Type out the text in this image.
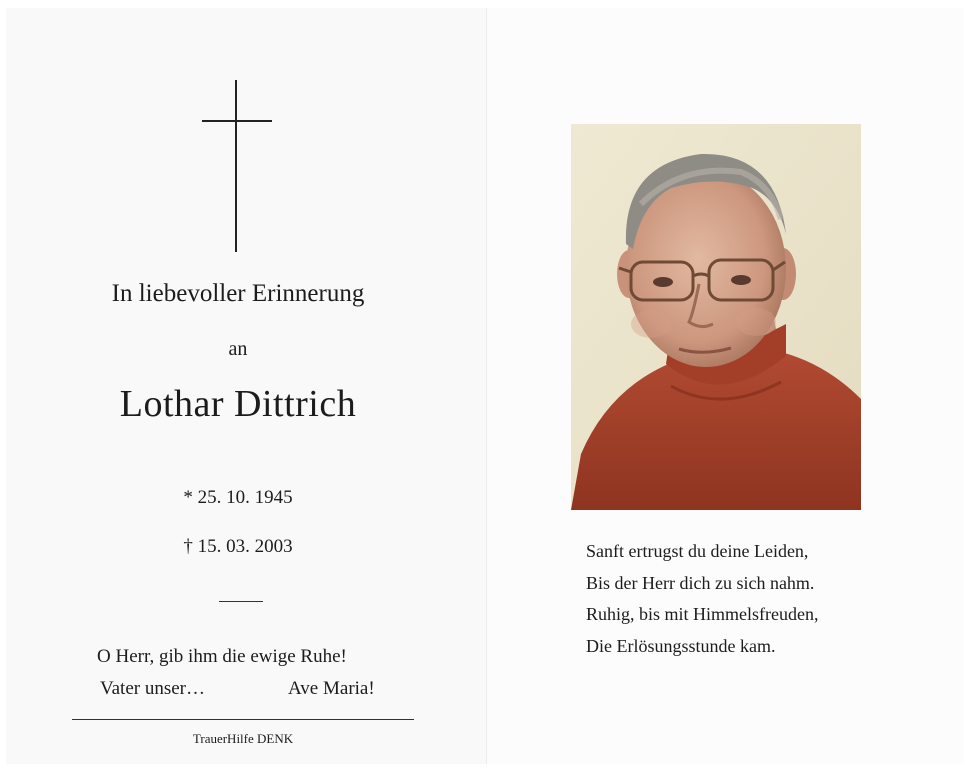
In liebevoller Erinnerung
an
Lothar Dittrich
* 25. 10. 1945
† 15. 03. 2003
O Herr, gib ihm die ewige Ruhe!
Vater unser…	Ave Maria!
TrauerHilfe DENK
Sanft ertrugst du deine Leiden,
Bis der Herr dich zu sich nahm.
Ruhig, bis mit Himmelsfreuden,
Die Erlösungsstunde kam.
